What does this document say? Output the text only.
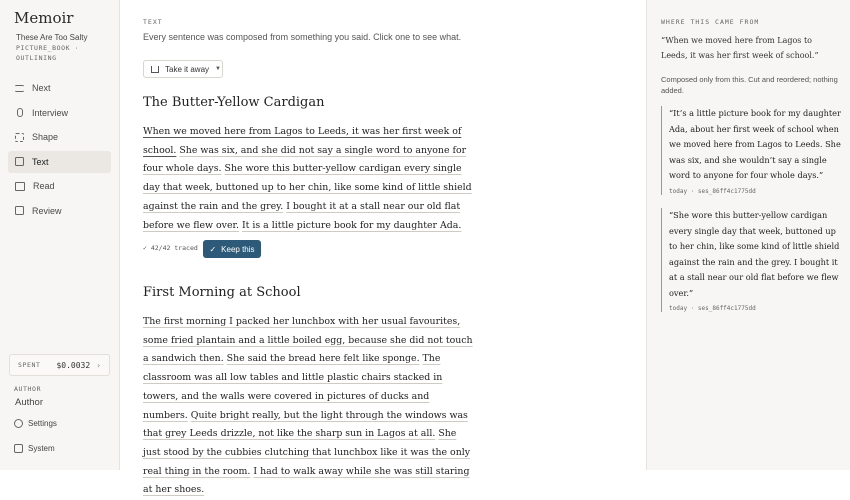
Memoir
These Are Too Salty
PICTURE_BOOK · OUTLINING
Next
Interview
Shape
Text
Read
Review
SPENT $0.0032 ›
AUTHOR
Author
Settings
System
TEXT
Every sentence was composed from something you said. Click one to see what.
Take it away ▼
The Butter-Yellow Cardigan
When we moved here from Lagos to Leeds, it was her first week of school. She was six, and she did not say a single word to anyone for four whole days. She wore this butter-yellow cardigan every single day that week, buttoned up to her chin, like some kind of little shield against the rain and the grey. I bought it at a stall near our old flat before we flew over. It is a little picture book for my daughter Ada.
✓ 42/42 traced ✓ Keep this
First Morning at School
The first morning I packed her lunchbox with her usual favourites, some fried plantain and a little boiled egg, because she did not touch a sandwich then. She said the bread here felt like sponge. The classroom was all low tables and little plastic chairs stacked in towers, and the walls were covered in pictures of ducks and numbers. Quite bright really, but the light through the windows was that grey Leeds drizzle, not like the sharp sun in Lagos at all. She just stood by the cubbies clutching that lunchbox like it was the only real thing in the room. I had to walk away while she was still staring at her shoes.
WHERE THIS CAME FROM
“When we moved here from Lagos to Leeds, it was her first week of school.”
Composed only from this. Cut and reordered; nothing added.
“It’s a little picture book for my daughter Ada, about her first week of school when we moved here from Lagos to Leeds. She was six, and she wouldn’t say a single word to anyone for four whole days.”
today · ses_86ff4c1775dd
“She wore this butter-yellow cardigan every single day that week, buttoned up to her chin, like some kind of little shield against the rain and the grey. I bought it at a stall near our old flat before we flew over.”
today · ses_86ff4c1775dd
